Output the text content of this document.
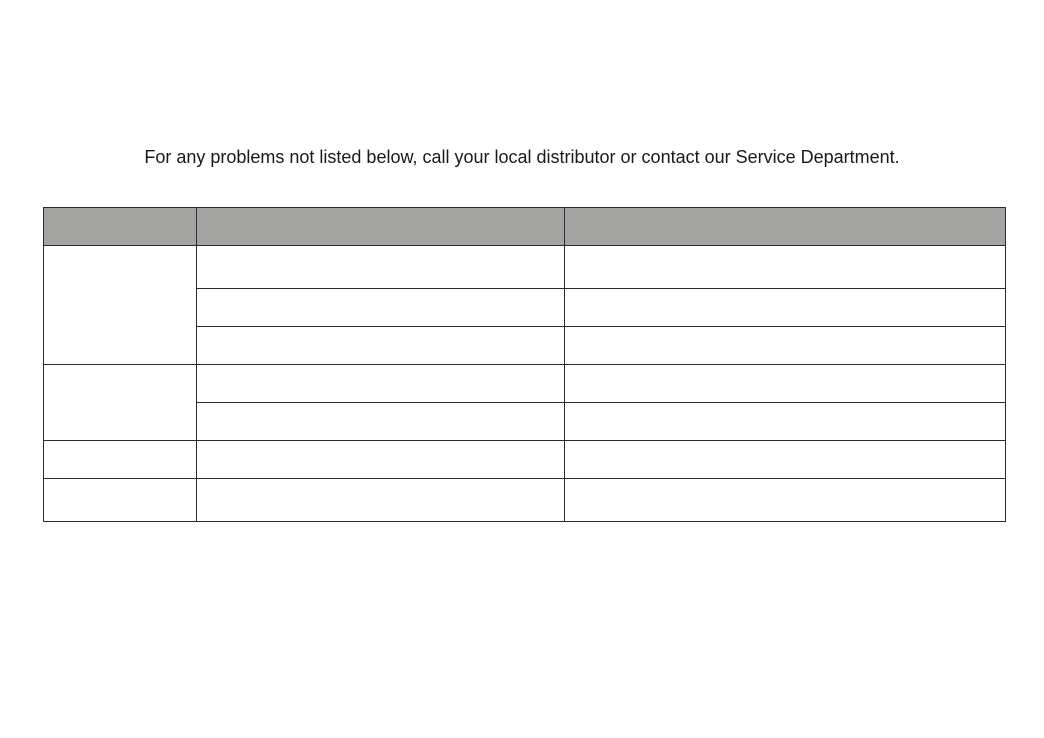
For any problems not listed below, call your local distributor or contact our Service Department.
